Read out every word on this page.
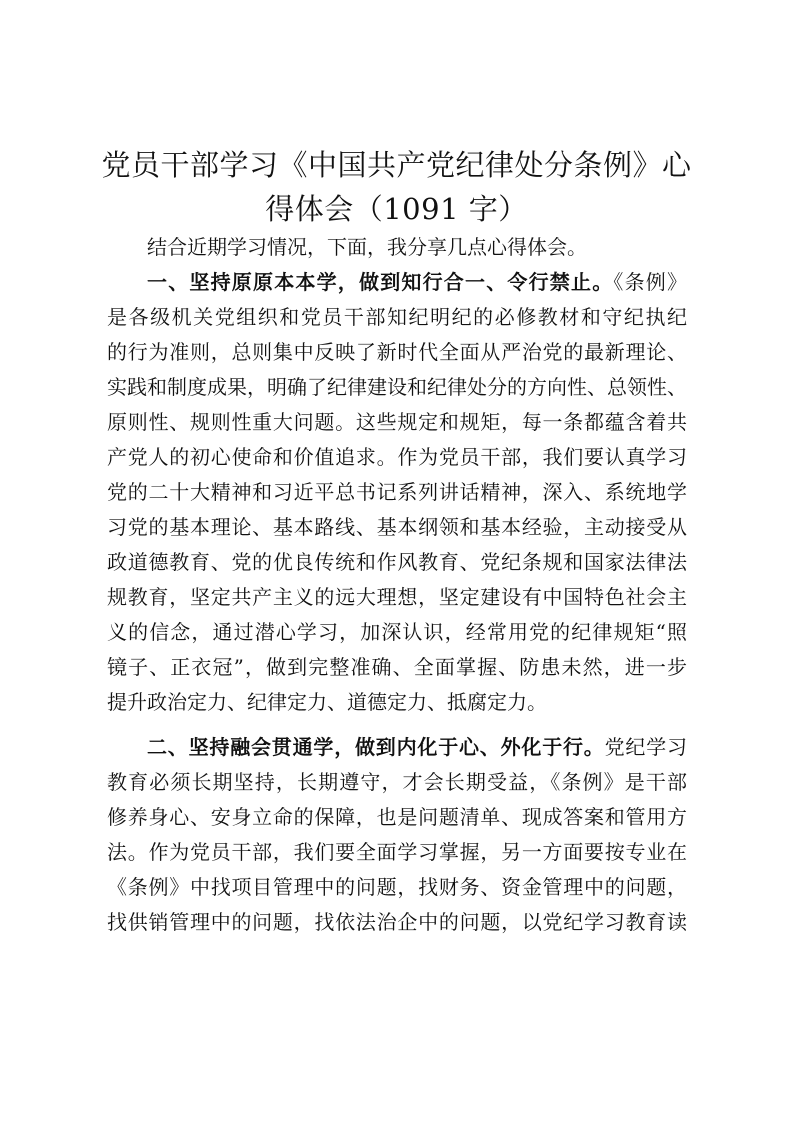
党员干部学习《中国共产党纪律处分条例》心
得体会（1091 字）

结合近期学习情况，下面，我分享几点心得体会。

一、坚持原原本本学，做到知行合一、令行禁止。《条例》
是各级机关党组织和党员干部知纪明纪的必修教材和守纪执纪
的行为准则，总则集中反映了新时代全面从严治党的最新理论、
实践和制度成果，明确了纪律建设和纪律处分的方向性、总领性、
原则性、规则性重大问题。这些规定和规矩，每一条都蕴含着共
产党人的初心使命和价值追求。作为党员干部，我们要认真学习
党的二十大精神和习近平总书记系列讲话精神，深入、系统地学
习党的基本理论、基本路线、基本纲领和基本经验，主动接受从
政道德教育、党的优良传统和作风教育、党纪条规和国家法律法
规教育，坚定共产主义的远大理想，坚定建设有中国特色社会主
义的信念，通过潜心学习，加深认识，经常用党的纪律规矩“照
镜子、正衣冠”，做到完整准确、全面掌握、防患未然，进一步
提升政治定力、纪律定力、道德定力、抵腐定力。

二、坚持融会贯通学，做到内化于心、外化于行。党纪学习
教育必须长期坚持，长期遵守，才会长期受益，《条例》是干部
修养身心、安身立命的保障，也是问题清单、现成答案和管用方
法。作为党员干部，我们要全面学习掌握，另一方面要按专业在
《条例》中找项目管理中的问题，找财务、资金管理中的问题，
找供销管理中的问题，找依法治企中的问题，以党纪学习教育读
